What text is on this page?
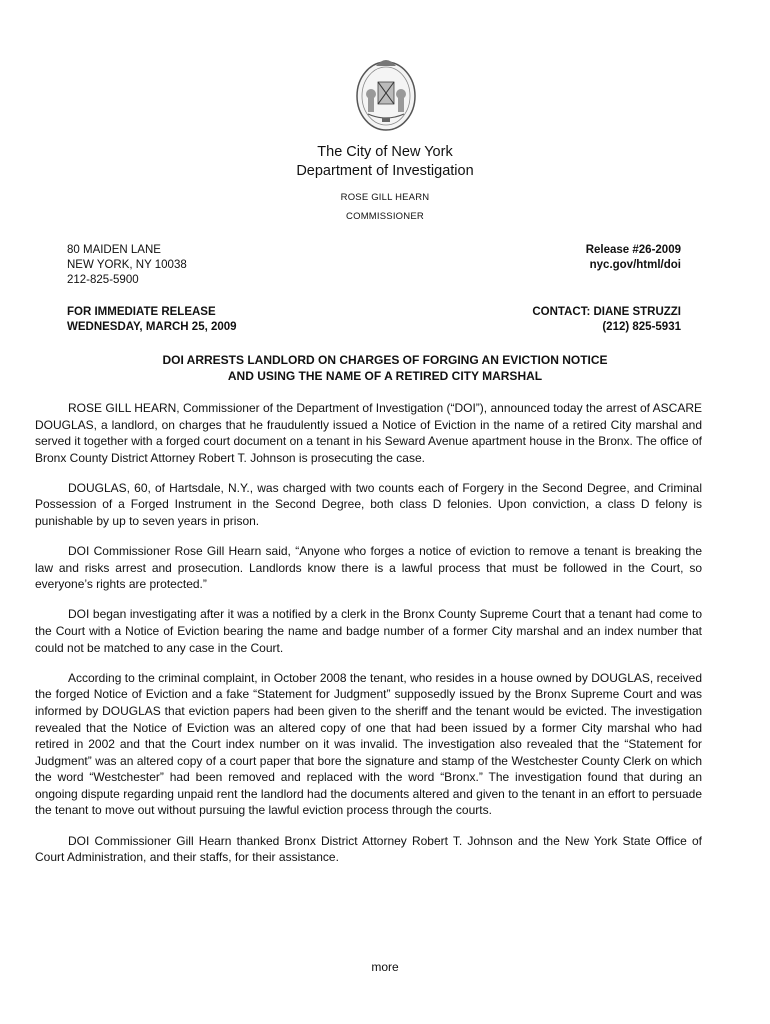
The City of New York
Department of Investigation
ROSE GILL HEARN
COMMISSIONER
80 MAIDEN LANE
NEW YORK, NY 10038
212-825-5900
Release #26-2009
nyc.gov/html/doi
FOR IMMEDIATE RELEASE
WEDNESDAY, MARCH 25, 2009
CONTACT: DIANE STRUZZI
(212) 825-5931
DOI ARRESTS LANDLORD ON CHARGES OF FORGING AN EVICTION NOTICE
AND USING THE NAME OF A RETIRED CITY MARSHAL

ROSE GILL HEARN, Commissioner of the Department of Investigation (“DOI”), announced today the arrest of ASCARE DOUGLAS, a landlord, on charges that he fraudulently issued a Notice of Eviction in the name of a retired City marshal and served it together with a forged court document on a tenant in his Seward Avenue apartment house in the Bronx. The office of Bronx County District Attorney Robert T. Johnson is prosecuting the case.

DOUGLAS, 60, of Hartsdale, N.Y., was charged with two counts each of Forgery in the Second Degree, and Criminal Possession of a Forged Instrument in the Second Degree, both class D felonies. Upon conviction, a class D felony is punishable by up to seven years in prison.

DOI Commissioner Rose Gill Hearn said, “Anyone who forges a notice of eviction to remove a tenant is breaking the law and risks arrest and prosecution. Landlords know there is a lawful process that must be followed in the Court, so everyone’s rights are protected.”

DOI began investigating after it was a notified by a clerk in the Bronx County Supreme Court that a tenant had come to the Court with a Notice of Eviction bearing the name and badge number of a former City marshal and an index number that could not be matched to any case in the Court.

According to the criminal complaint, in October 2008 the tenant, who resides in a house owned by DOUGLAS, received the forged Notice of Eviction and a fake “Statement for Judgment” supposedly issued by the Bronx Supreme Court and was informed by DOUGLAS that eviction papers had been given to the sheriff and the tenant would be evicted. The investigation revealed that the Notice of Eviction was an altered copy of one that had been issued by a former City marshal who had retired in 2002 and that the Court index number on it was invalid. The investigation also revealed that the “Statement for Judgment” was an altered copy of a court paper that bore the signature and stamp of the Westchester County Clerk on which the word “Westchester” had been removed and replaced with the word “Bronx.” The investigation found that during an ongoing dispute regarding unpaid rent the landlord had the documents altered and given to the tenant in an effort to persuade the tenant to move out without pursuing the lawful eviction process through the courts.

DOI Commissioner Gill Hearn thanked Bronx District Attorney Robert T. Johnson and the New York State Office of Court Administration, and their staffs, for their assistance.

more
